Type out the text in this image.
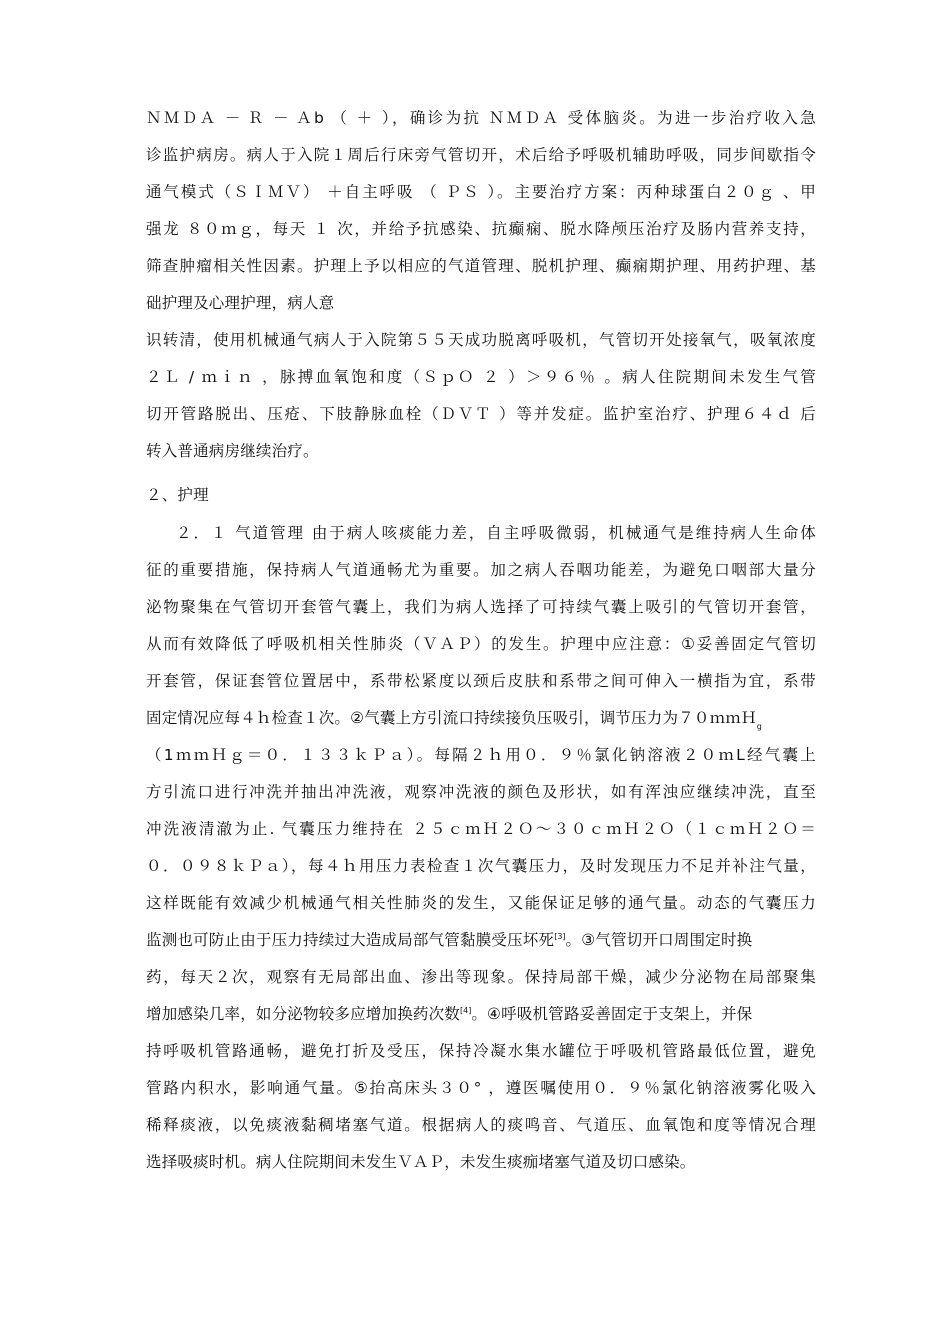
ＮＭＤＡ － Ｒ － Ａb （ ＋ ），确诊为抗 ＮＭＤＡ 受体脑炎。为进一步治疗收入急
诊监护病房。病人于入院１周后行床旁气管切开，术后给予呼吸机辅助呼吸，同步间歇指令
通气模式（ＳＩＭＶ） ＋自主呼吸 （ ＰＳ ）。主要治疗方案：丙种球蛋白２０ｇ 、甲
强龙 ８０ｍｇ，每天 １ 次，并给予抗感染、抗癫痫、脱水降颅压治疗及肠内营养支持，
筛查肿瘤相关性因素。护理上予以相应的气道管理、脱机护理、癫痫期护理、用药护理、基
础护理及心理护理，病人意
识转清，使用机械通气病人于入院第５５天成功脱离呼吸机，气管切开处接氧气，吸氧浓度
２Ｌ / ｍｉｎ ，脉搏血氧饱和度（ＳｐＯ ２ ）＞９６％ 。病人住院期间未发生气管
切开管路脱出、压疮、下肢静脉血栓（ＤＶＴ ）等并发症。监护室治疗、护理６４ｄ 后
转入普通病房继续治疗。
２、护理
２．１ 气道管理 由于病人咳痰能力差，自主呼吸微弱，机械通气是维持病人生命体
征的重要措施，保持病人气道通畅尤为重要。加之病人吞咽功能差，为避免口咽部大量分
泌物聚集在气管切开套管气囊上，我们为病人选择了可持续气囊上吸引的气管切开套管，
从而有效降低了呼吸机相关性肺炎（ＶＡＰ）的发生。护理中应注意：①妥善固定气管切
开套管，保证套管位置居中，系带松紧度以颈后皮肤和系带之间可伸入一横指为宜，系带
固定情况应每４ｈ检查１次。②气囊上方引流口持续接负压吸引，调节压力为７０ｍｍＨ$_g$
（1ｍｍＨｇ＝０．１３３ｋＰａ）。每隔２ｈ用０．９％氯化钠溶液２０ｍL经气囊上
方引流口进行冲洗并抽出冲洗液，观察冲洗液的颜色及形状，如有浑浊应继续冲洗，直至
冲洗液清澈为止. 气囊压力维持在 ２５ｃｍＨ２Ｏ～３０ｃｍＨ２Ｏ（１ｃｍＨ２Ｏ＝
０．０９８ｋＰａ），每４ｈ用压力表检查１次气囊压力，及时发现压力不足并补注气量，
这样既能有效减少机械通气相关性肺炎的发生，又能保证足够的通气量。动态的气囊压力
监测也可防止由于压力持续过大造成局部气管黏膜受压坏死[3]。③气管切开口周围定时换
药，每天２次，观察有无局部出血、渗出等现象。保持局部干燥，减少分泌物在局部聚集
增加感染几率，如分泌物较多应增加换药次数[4]。④呼吸机管路妥善固定于支架上，并保
持呼吸机管路通畅，避免打折及受压，保持冷凝水集水罐位于呼吸机管路最低位置，避免
管路内积水，影响通气量。⑤抬高床头３０° ，遵医嘱使用０．９％氯化钠溶液雾化吸入
稀释痰液，以免痰液黏稠堵塞气道。根据病人的痰鸣音、气道压、血氧饱和度等情况合理
选择吸痰时机。病人住院期间未发生ＶＡＰ，未发生痰痂堵塞气道及切口感染。
